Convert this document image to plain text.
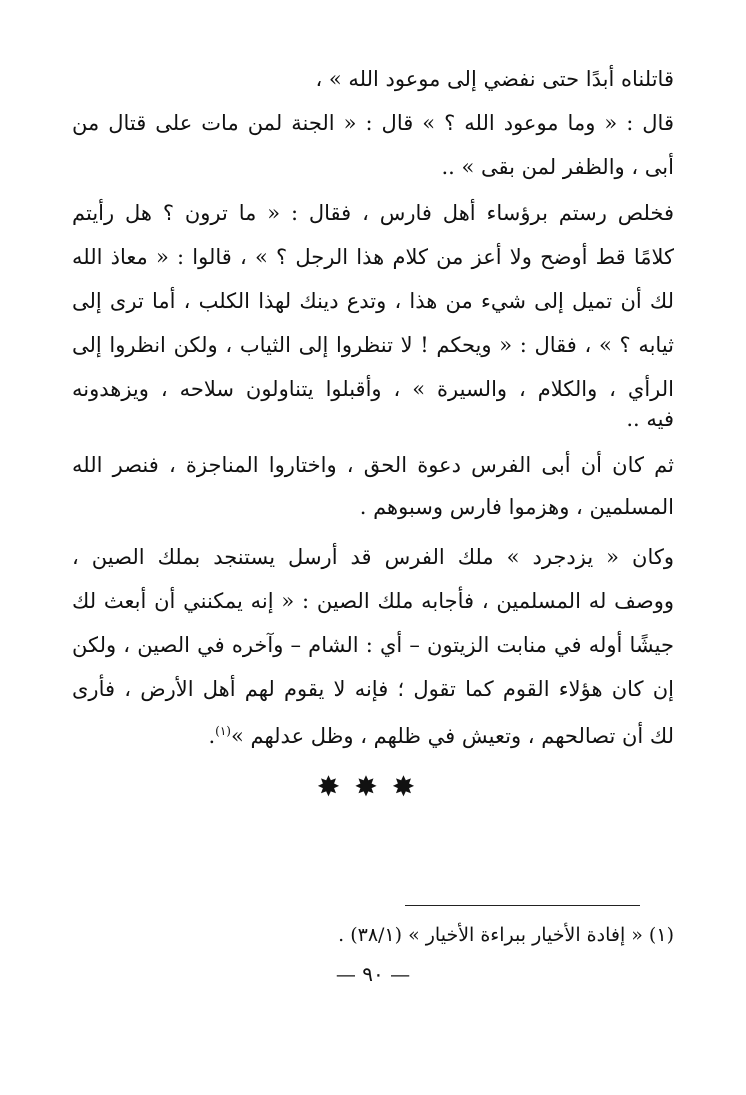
قاتلناه أبدًا حتى نفضي إلى موعود الله » ،
قال : « وما موعود الله ؟ » قال : « الجنة لمن مات على قتال من
أبى ، والظفر لمن بقى » ..
فخلص رستم برؤساء أهل فارس ، فقال : « ما ترون ؟ هل رأيتم
كلامًا قط أوضح ولا أعز من كلام هذا الرجل ؟ » ، قالوا : « معاذ الله
لك أن تميل إلى شيء من هذا ، وتدع دينك لهذا الكلب ، أما ترى إلى
ثيابه ؟ » ، فقال : « ويحكم ! لا تنظروا إلى الثياب ، ولكن انظروا إلى
الرأي ، والكلام ، والسيرة » ، وأقبلوا يتناولون سلاحه ، ويزهدونه
فيه ..
ثم كان أن أبى الفرس دعوة الحق ، واختاروا المناجزة ، فنصر الله
المسلمين ، وهزموا فارس وسبوهم .
وكان « يزدجرد » ملك الفرس قد أرسل يستنجد بملك الصين ،
ووصف له المسلمين ، فأجابه ملك الصين : « إنه يمكنني أن أبعث لك
جيشًا أوله في منابت الزيتون – أي : الشام – وآخره في الصين ، ولكن
إن كان هؤلاء القوم كما تقول ؛ فإنه لا يقوم لهم أهل الأرض ، فأرى
لك أن تصالحهم ، وتعيش في ظلهم ، وظل عدلهم »$^{(١)}$.
✸✸✸
(١) « إفادة الأخيار ببراءة الأخيار » (٣٨/١) .
— ٩٠ —
